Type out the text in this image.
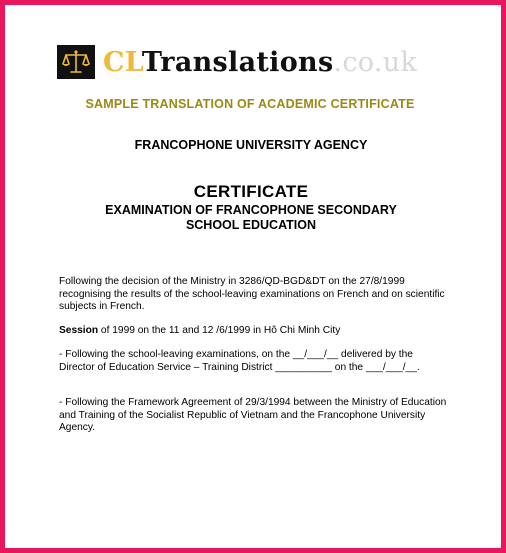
CLTranslations.co.uk
SAMPLE TRANSLATION OF ACADEMIC CERTIFICATE
FRANCOPHONE UNIVERSITY AGENCY
CERTIFICATE
EXAMINATION OF FRANCOPHONE SECONDARY
SCHOOL EDUCATION
Following the decision of the Ministry in 3286/QD-BGD&DT on the 27/8/1999 recognising the results of the school-leaving examinations on French and on scientific subjects in French.
Session of 1999 on the 11 and 12 /6/1999 in Hô Chi Minh City
- Following the school-leaving examinations, on the __/___/__ delivered by the Director of Education Service – Training District __________ on the ___/___/__.
- Following the Framework Agreement of 29/3/1994 between the Ministry of Education and Training of the Socialist Republic of Vietnam and the Francophone University Agency.
